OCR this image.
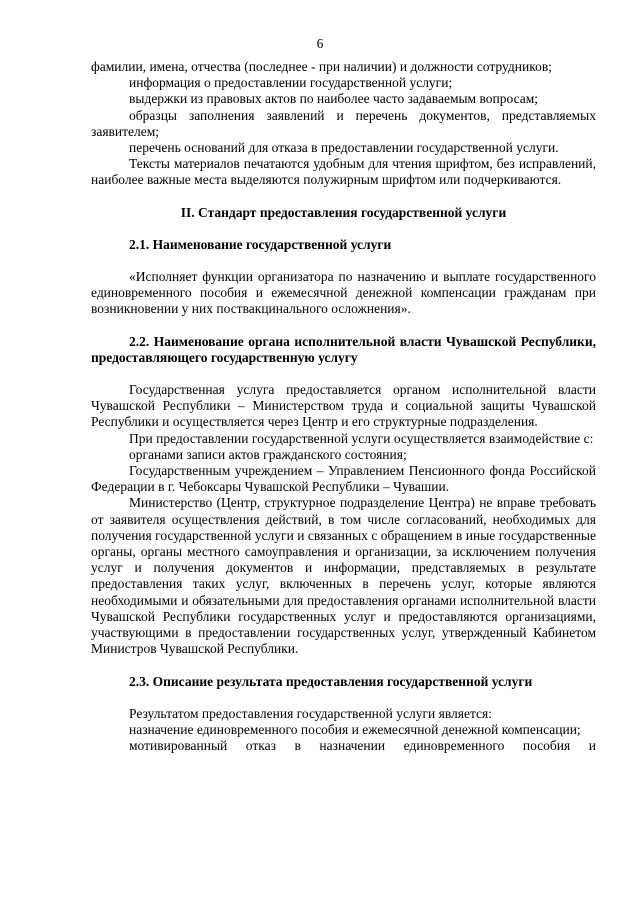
6

фамилии, имена, отчества (последнее - при наличии) и должности сотрудников;

информация о предоставлении государственной услуги;

выдержки из правовых актов по наиболее часто задаваемым вопросам;

образцы заполнения заявлений и перечень документов, представляемых заявителем;

перечень оснований для отказа в предоставлении государственной услуги.

Тексты материалов печатаются удобным для чтения шрифтом, без исправлений, наиболее важные места выделяются полужирным шрифтом или подчеркиваются.

II. Стандарт предоставления государственной услуги

2.1. Наименование государственной услуги

«Исполняет функции организатора по назначению и выплате государственного единовременного пособия и ежемесячной денежной компенсации гражданам при возникновении у них поствакцинального осложнения».

2.2. Наименование органа исполнительной власти Чувашской Республики, предоставляющего государственную услугу

Государственная услуга предоставляется органом исполнительной власти Чувашской Республики – Министерством труда и социальной защиты Чувашской Республики и осуществляется через Центр и его структурные подразделения.

При предоставлении государственной услуги осуществляется взаимодействие с:

органами записи актов гражданского состояния;

Государственным учреждением – Управлением Пенсионного фонда Российской Федерации в г. Чебоксары Чувашской Республики – Чувашии.

Министерство (Центр, структурное подразделение Центра) не вправе требовать от заявителя осуществления действий, в том числе согласований, необходимых для получения государственной услуги и связанных с обращением в иные государственные органы, органы местного самоуправления и организации, за исключением получения услуг и получения документов и информации, представляемых в результате предоставления таких услуг, включенных в перечень услуг, которые являются необходимыми и обязательными для предоставления органами исполнительной власти Чувашской Республики государственных услуг и предоставляются организациями, участвующими в предоставлении государственных услуг, утвержденный Кабинетом Министров Чувашской Республики.

2.3. Описание результата предоставления государственной услуги

Результатом предоставления государственной услуги является:

назначение единовременного пособия и ежемесячной денежной компенсации;

мотивированный отказ в назначении единовременного пособия и
